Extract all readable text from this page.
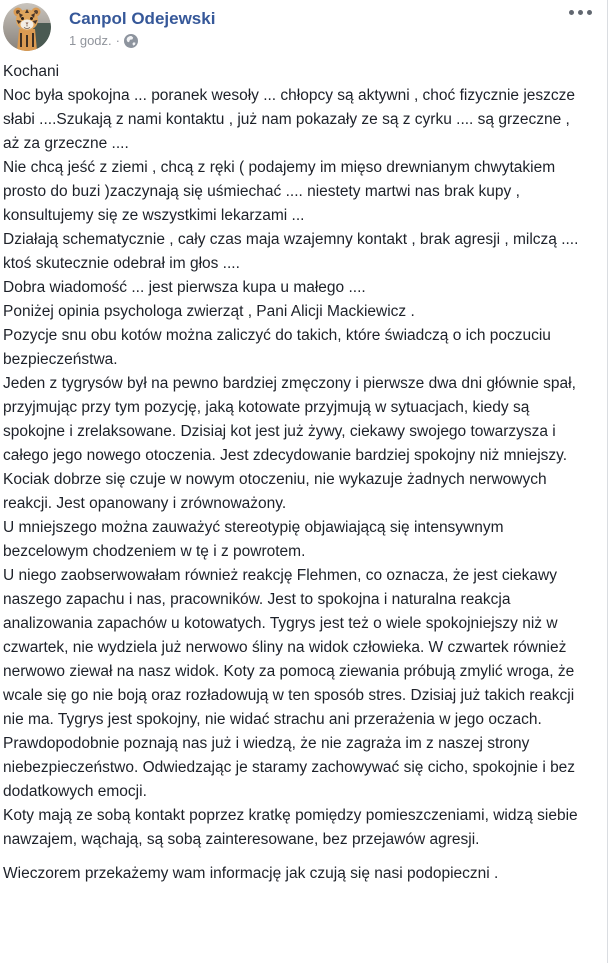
Canpol Odejewski
1 godz. ·

Kochani

Noc była spokojna ... poranek wesoły ... chłopcy są aktywni , choć fizycznie jeszcze słabi ....Szukają z nami kontaktu , już nam pokazały ze są z cyrku .... są grzeczne , aż za grzeczne ....

Nie chcą jeść z ziemi , chcą z ręki ( podajemy im mięso drewnianym chwytakiem prosto do buzi )zaczynają się uśmiechać .... niestety martwi nas brak kupy , konsultujemy się ze wszystkimi lekarzami ...

Działają schematycznie , cały czas maja wzajemny kontakt , brak agresji , milczą .... ktoś skutecznie odebrał im głos ....

Dobra wiadomość ... jest pierwsza kupa u małego ....

Poniżej opinia psychologa zwierząt , Pani Alicji Mackiewicz .

Pozycje snu obu kotów można zaliczyć do takich, które świadczą o ich poczuciu bezpieczeństwa.

Jeden z tygrysów był na pewno bardziej zmęczony i pierwsze dwa dni głównie spał, przyjmując przy tym pozycję, jaką kotowate przyjmują w sytuacjach, kiedy są spokojne i zrelaksowane. Dzisiaj kot jest już żywy, ciekawy swojego towarzysza i całego jego nowego otoczenia. Jest zdecydowanie bardziej spokojny niż mniejszy. Kociak dobrze się czuje w nowym otoczeniu, nie wykazuje żadnych nerwowych reakcji. Jest opanowany i zrównoważony.

U mniejszego można zauważyć stereotypię objawiającą się intensywnym bezcelowym chodzeniem w tę i z powrotem.

U niego zaobserwowałam również reakcję Flehmen, co oznacza, że jest ciekawy naszego zapachu i nas, pracowników. Jest to spokojna i naturalna reakcja analizowania zapachów u kotowatych. Tygrys jest też o wiele spokojniejszy niż w czwartek, nie wydziela już nerwowo śliny na widok człowieka. W czwartek również nerwowo ziewał na nasz widok. Koty za pomocą ziewania próbują zmylić wroga, że wcale się go nie boją oraz rozładowują w ten sposób stres. Dzisiaj już takich reakcji nie ma. Tygrys jest spokojny, nie widać strachu ani przerażenia w jego oczach. Prawdopodobnie poznają nas już i wiedzą, że nie zagraża im z naszej strony niebezpieczeństwo. Odwiedzając je staramy zachowywać się cicho, spokojnie i bez dodatkowych emocji.

Koty mają ze sobą kontakt poprzez kratkę pomiędzy pomieszczeniami, widzą siebie nawzajem, wąchają, są sobą zainteresowane, bez przejawów agresji.

Wieczorem przekażemy wam informację jak czują się nasi podopieczni .
